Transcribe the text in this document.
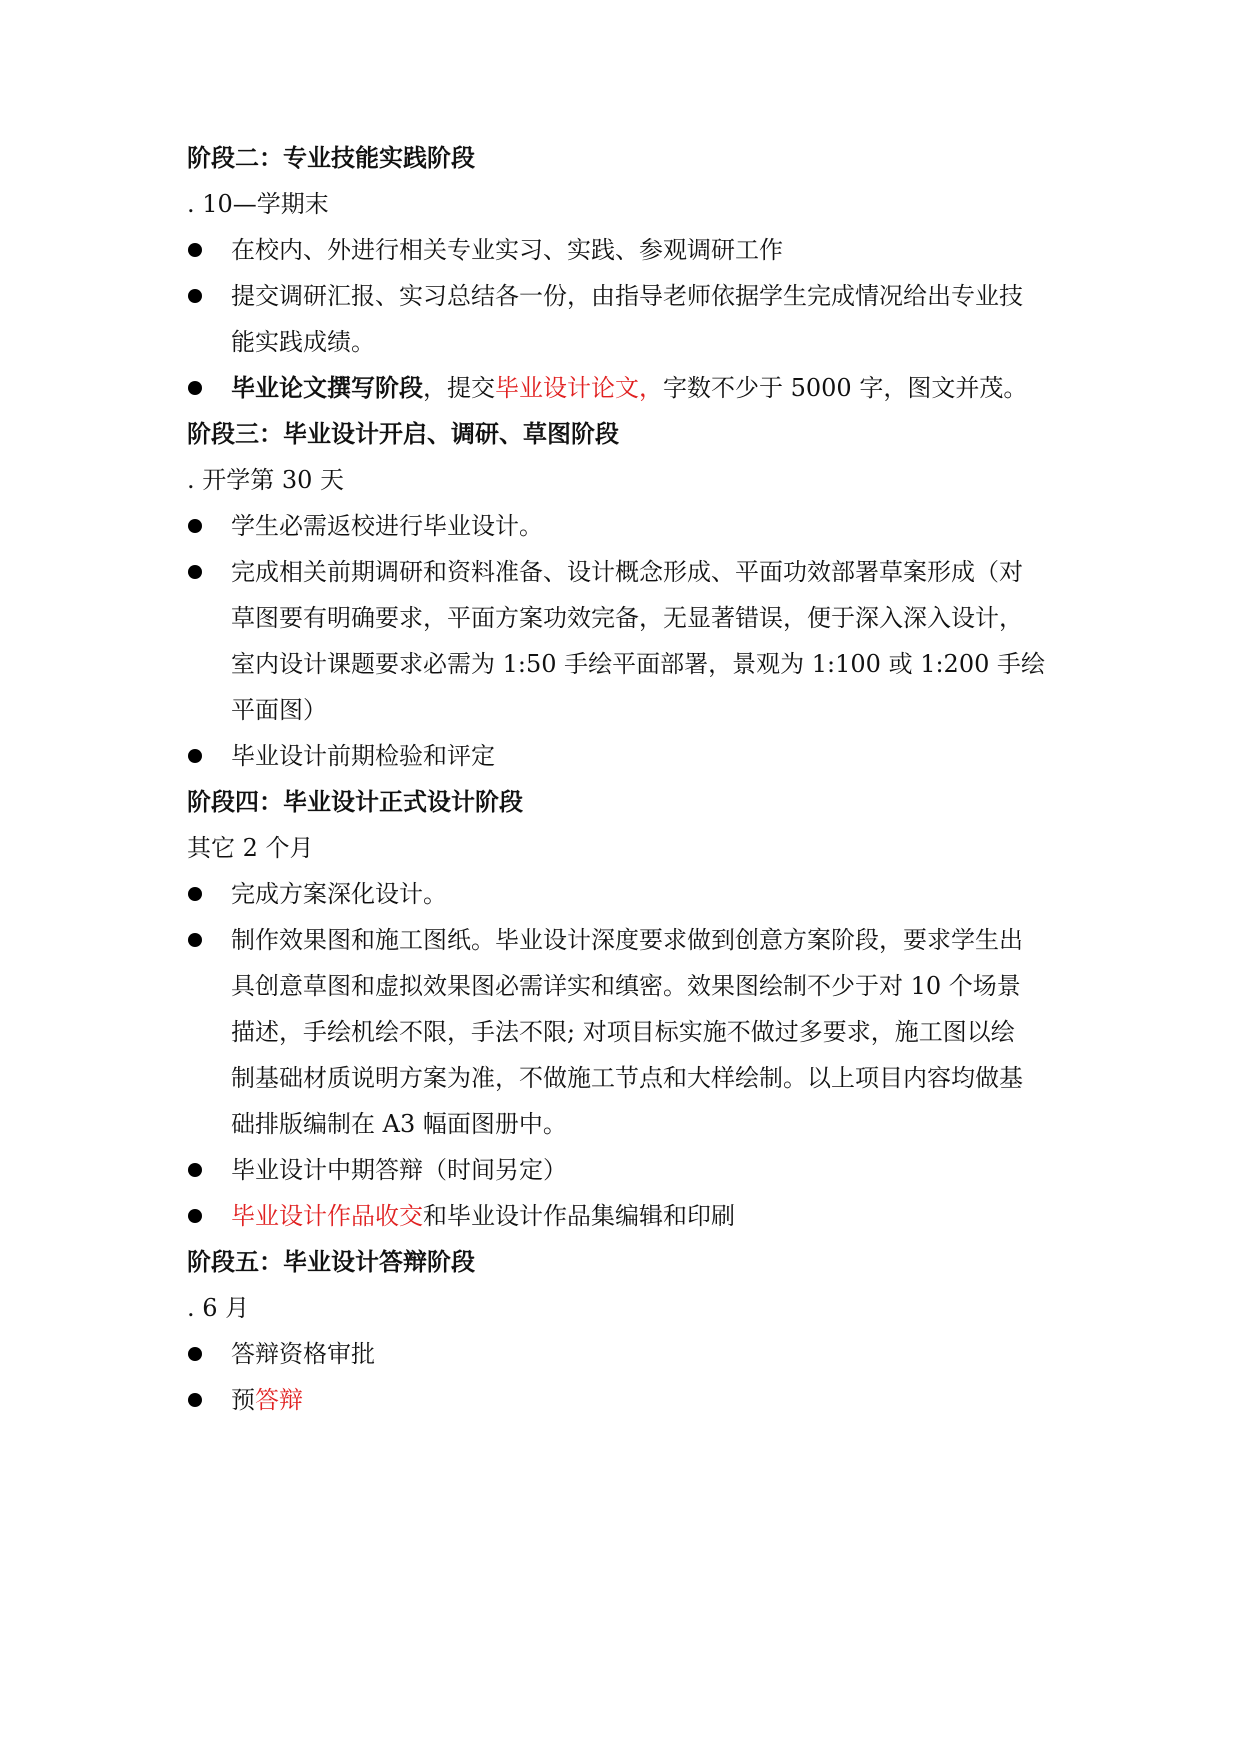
阶段二：专业技能实践阶段
. 10—学期末
在校内、外进行相关专业实习、实践、参观调研工作
提交调研汇报、实习总结各一份，由指导老师依据学生完成情况给出专业技
能实践成绩。
毕业论文撰写阶段，提交毕业设计论文，字数不少于 5000 字，图文并茂。
阶段三：毕业设计开启、调研、草图阶段
. 开学第 30 天
学生必需返校进行毕业设计。
完成相关前期调研和资料准备、设计概念形成、平面功效部署草案形成（对
草图要有明确要求，平面方案功效完备，无显著错误，便于深入深入设计，
室内设计课题要求必需为 1:50 手绘平面部署，景观为 1:100 或 1:200 手绘
平面图）
毕业设计前期检验和评定
阶段四：毕业设计正式设计阶段
其它 2 个月
完成方案深化设计。
制作效果图和施工图纸。毕业设计深度要求做到创意方案阶段，要求学生出
具创意草图和虚拟效果图必需详实和缜密。效果图绘制不少于对 10 个场景
描述，手绘机绘不限，手法不限; 对项目标实施不做过多要求，施工图以绘
制基础材质说明方案为准，不做施工节点和大样绘制。以上项目内容均做基
础排版编制在 A3 幅面图册中。
毕业设计中期答辩（时间另定）
毕业设计作品收交和毕业设计作品集编辑和印刷
阶段五：毕业设计答辩阶段
. 6 月
答辩资格审批
预答辩
